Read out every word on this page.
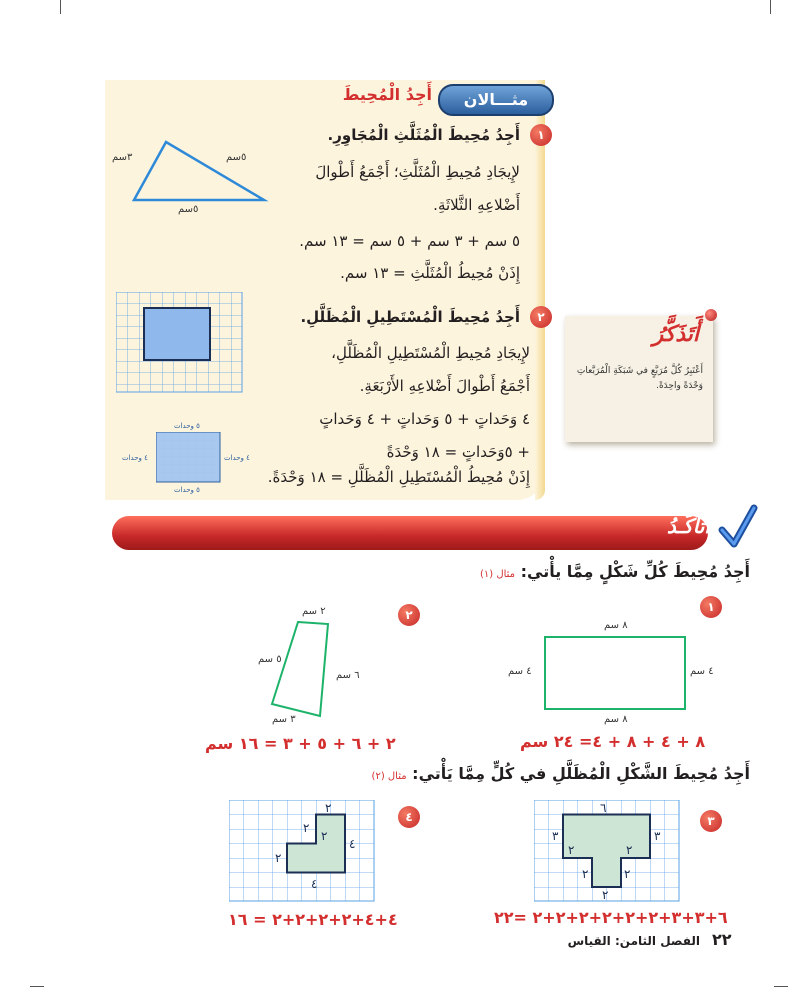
مثـــالان
أَجِدُ الْمُحِيطَ
١
أَجِدُ مُحِيطَ الْمُثَلَّثِ الْمُجَاوِرِ.
لإِيجَادِ مُحِيطِ الْمُثَلَّثِ؛ أَجْمَعُ أَطْوالَ
أَضْلاعِهِ الثَّلاثَةِ.
٥ سم + ٣ سم + ٥ سم = ١٣ سم.
إِذَنْ مُحِيطُ الْمُثَلَّثِ = ١٣ سم.
٣سم	٥سم
٥سم
٢
أَجِدُ مُحِيطَ الْمُسْتَطِيلِ الْمُظَلَّلِ.
لإِيجَادِ مُحِيطِ الْمُسْتَطِيلِ الْمُظَلَّلِ،
أَجْمَعُ أَطْوالَ أَضْلاعِهِ الأَرْبَعَةِ.
٤ وَحَداتٍ + ٥ وَحَداتٍ + ٤ وَحَداتٍ
+ ٥وَحَداتٍ = ١٨ وَحْدَةً
إِذَنْ مُحِيطُ الْمُسْتَطِيلِ الْمُظَلَّلِ = ١٨ وَحْدَةً.
٥ وحدات
٥ وحدات
٤ وحدات	٤ وحدات
أَتَذَكَّرُ
أَعْتَبِرُ كُلَّ مُرَبَّعٍ في شَبَكَةِ الْمُرَبَّعاتِ وَحْدَةً واحِدَةً.
أتأكّـدُ
أَجِدُ مُحِيطَ كُلِّ شَكْلٍ مِمَّا يأْتي: مثال (١)
١
٨ سم
٨ سم
٤ سم	٤ سم
٨ + ٤ + ٨ + ٤= ٢٤ سم
٢
٢ سم
٦ سم
٥ سم
٣ سم
٢ + ٦ + ٥ + ٣ = ١٦ سم
أَجِدُ مُحِيطَ الشَّكْلِ الْمُظَلَّلِ في كُلٍّ مِمَّا يَأْتي: مثال (٢)
٣
٦
٣	٣
٢	٢
٢	٢
٢
٦+٣+٣+٢+٢+٢+٢+٢+٢ =٢٢
٤
٢
٢
٢
٤
٢
٤
٤+٤+٢+٢+٢+٢ = ١٦
الفصل الثامن: القياس ٢٢
